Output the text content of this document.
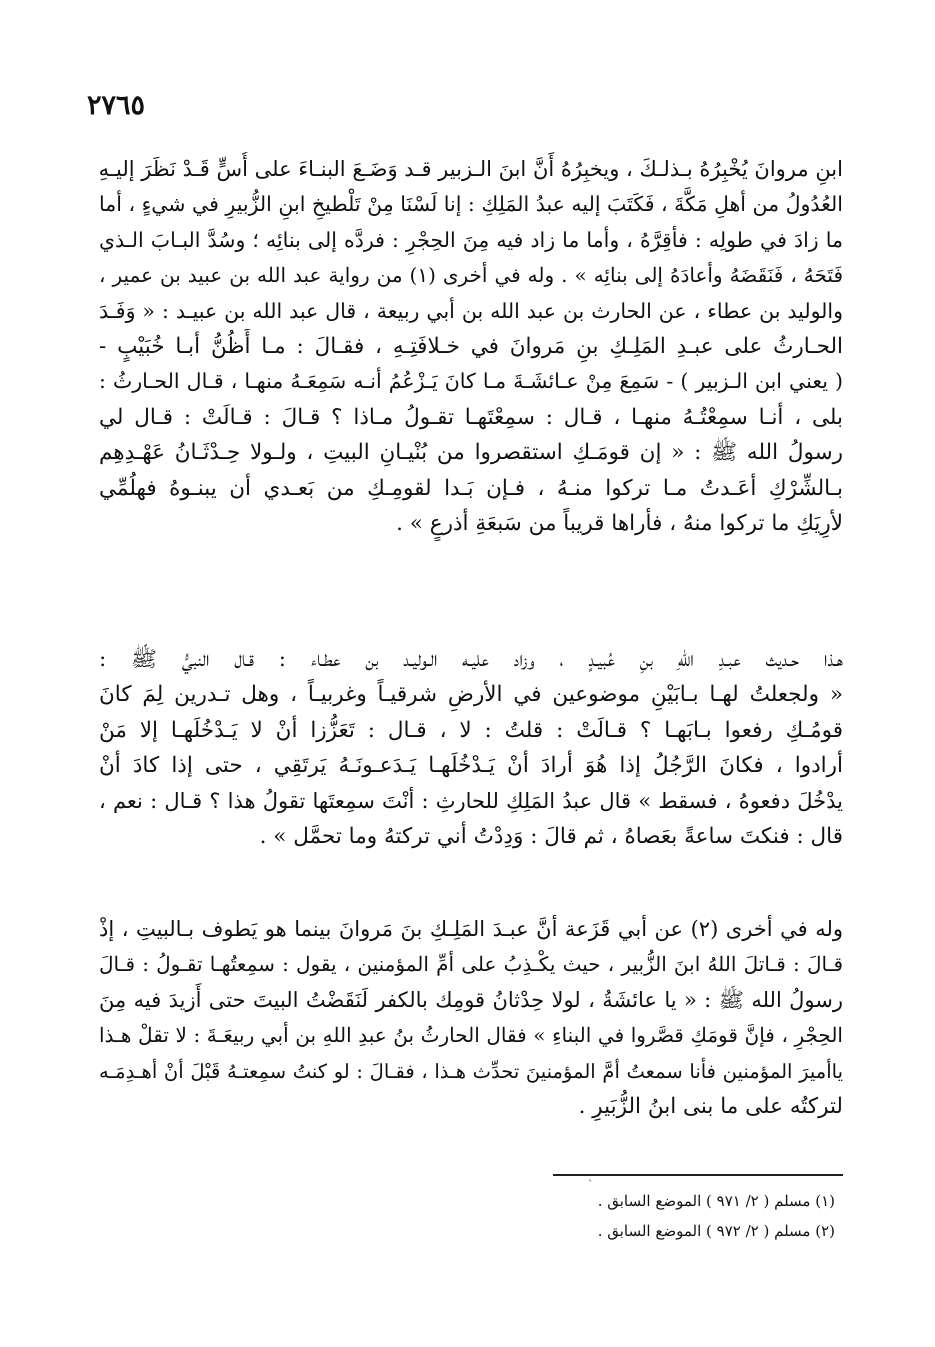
٢٧٦٥
ابنِ مروانَ يُخْبِرُهُ بـذلـكَ ، ويخبِرُهُ أَنَّ ابنَ الـزبير قـد وَضَـعَ البنـاءَ على أُسٍّ قَـدْ نَظَرَ إليـهِ
العُدُولُ من أهلِ مَكَّةَ ، فَكَتَبَ إليه عبدُ المَلِكِ : إنا لَسْنَا مِنْ تَلْطيخِ ابنِ الزُّبيرِ في شيءٍ ، أما
ما زادَ في طولِه : فأقِرَّهُ ، وأما ما زاد فيه مِنَ الحِجْرِ : فردَّه إلى بنائِه ؛ وسُدَّ البـابَ الـذي
فَتَحَهُ ، فَنَقَضَهُ وأعادَهُ إلى بنائِه » . وله في أخرى (١) من رواية عبد الله بن عبيد بن عمير ،
والوليد بن عطاء ، عن الحارث بن عبد الله بن أبي ربيعة ، قال عبد الله بن عبيـد : « وَفَـدَ
الحـارثُ على عبـدِ المَلِـكِ بنِ مَروانَ في خـلافَتِـهِ ، فقـالَ : مـا أَظُنُّ أبـا خُبَيْبٍ -
( يعني ابن الـزبير ) - سَمِعَ مِنْ عـائشَـةَ مـا كانَ يَـزْعُمُ أنـه سَمِعَـهُ منهـا ، قـال الحـارثُ :
بلى ، أنـا سمِعْتُـهُ منهـا ، قـال : سمِعْتَهـا تقـولُ مـاذا ؟ قـالَ : قـالَتْ : قـال لي
رسولُ الله ﷺ : « إن قومَـكِ استقصروا من بُنْيـانِ البيتِ ، ولـولا حِـدْثَـانُ عَهْـدِهِم
بـالشِّرْكِ أعَـدتُ مـا تركوا منـهُ ، فـإن بَـدا لقومِـكِ من بَعـدي أن يبنـوهُ فهلُمِّي
لأرِيَكِ ما تركوا منهُ ، فأراها قريباً من سَبعَةِ أذرعٍ » .
هـذا حـديث عبـدِ اللهِ بنِ عُبيـدٍ ، وزاد عليـه الـوليـد بن عطـاء : قـال النبيُّ ﷺ :
« ولجعلتُ لهـا بـابَيْنِ موضوعين في الأرضِ شرقيـاً وغربيـاً ، وهل تـدرين لِمَ كانَ
قومُـكِ رفعوا بـابَهـا ؟ قـالَتْ : قلتُ : لا ، قـال : تَعَزُّزا أنْ لا يَـدْخُلَهـا إلا مَنْ
أرادوا ، فكانَ الرَّجُلُ إذا هُوَ أرادَ أنْ يَـدْخُلَهـا يَـدَعـونَـهُ يَرتَقِي ، حتى إذا كادَ أنْ
يدْخُلَ دفعوهُ ، فسقط » قال عبدُ المَلِكِ للحارثِ : أنْتَ سمِعتَها تقولُ هذا ؟ قـال : نعم ،
قال : فنكتَ ساعةً بعَصاهُ ، ثم قالَ : وَدِدْتُ أني تركتهُ وما تحمَّل » .
وله في أخرى (٢) عن أبي قَزَعة أنَّ عبـدَ المَلِـكِ بنَ مَروانَ بينما هو يَطوف بـالبيتِ ، إذْ
قـالَ : قـاتلَ اللهُ ابنَ الزُّبير ، حيث يكْـذِبُ على أمِّ المؤمنين ، يقول : سمِعتُهـا تقـولُ : قـالَ
رسولُ الله ﷺ : « يا عائشَةُ ، لولا حِدْثانُ قومِك بالكفر لَنَقَضْتُ البيتَ حتى أَزيدَ فيه مِنَ
الحِجْرِ ، فإنَّ قومَكِ قصَّروا في البناءِ » فقال الحارثُ بنُ عبدِ اللهِ بن أبي ربيعَـةَ : لا تقلْ هـذا
ياأميرَ المؤمنين فأنا سمعتُ أمَّ المؤمنينَ تحدِّث هـذا ، فقـالَ : لو كنتُ سمِعتـهُ قَبْلَ أنْ أهـدِمَـه
لتركتُه على ما بنى ابنُ الزُّبَيرِ .
`
(١) مسلم ( ٢/ ٩٧١ ) الموضع السابق .
(٢) مسلم ( ٢/ ٩٧٢ ) الموضع السابق .
